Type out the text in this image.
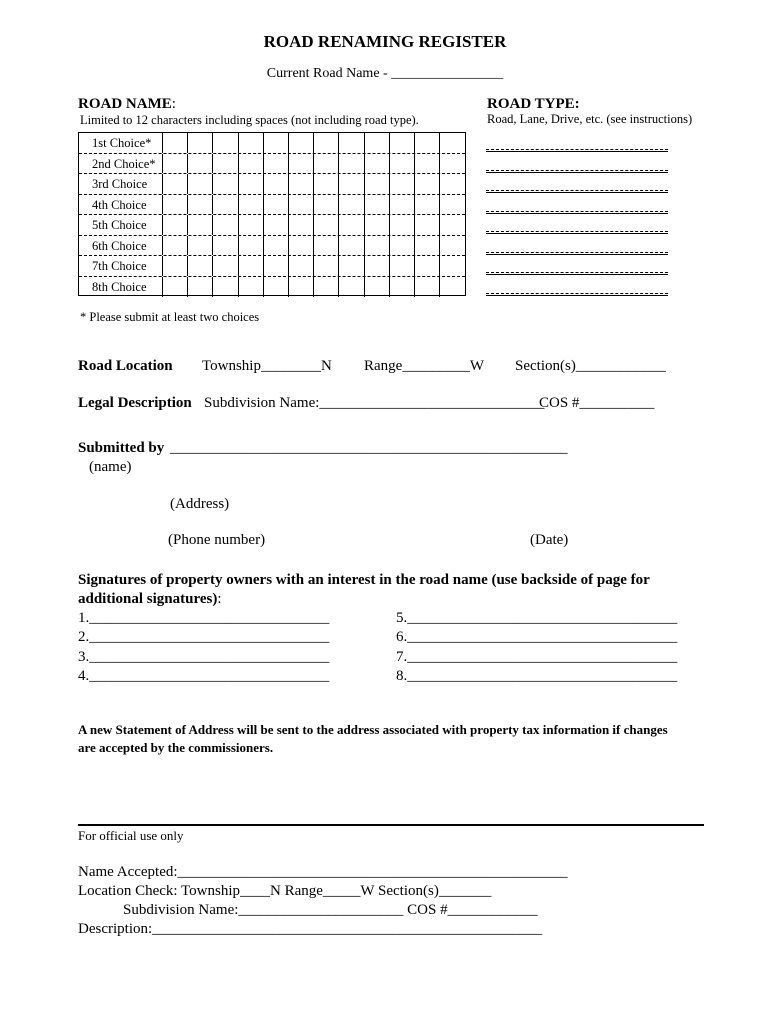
ROAD RENAMING REGISTER
Current Road Name - ________________
ROAD NAME:
Limited to 12 characters including spaces (not including road type).
ROAD TYPE:
Road, Lane, Drive, etc. (see instructions)
1st Choice*
2nd Choice*
3rd Choice
4th Choice
5th Choice
6th Choice
7th Choice
8th Choice
* Please submit at least two choices
Road Location Township________N Range_________W Section(s)____________
Legal Description Subdivision Name:______________________________
COS #__________
Submitted by _____________________________________________________
(name)
(Address)
(Phone number)	(Date)
Signatures of property owners with an interest in the road name (use backside of page for
additional signatures):
1.________________________________
2.________________________________
3.________________________________
4.________________________________
5.____________________________________
6.____________________________________
7.____________________________________
8.____________________________________
A new Statement of Address will be sent to the address associated with property tax information if changes
are accepted by the commissioners.
For official use only
Name Accepted:____________________________________________________
Location Check: Township____N Range_____W Section(s)_______
Subdivision Name:______________________ COS #____________
Description:____________________________________________________
